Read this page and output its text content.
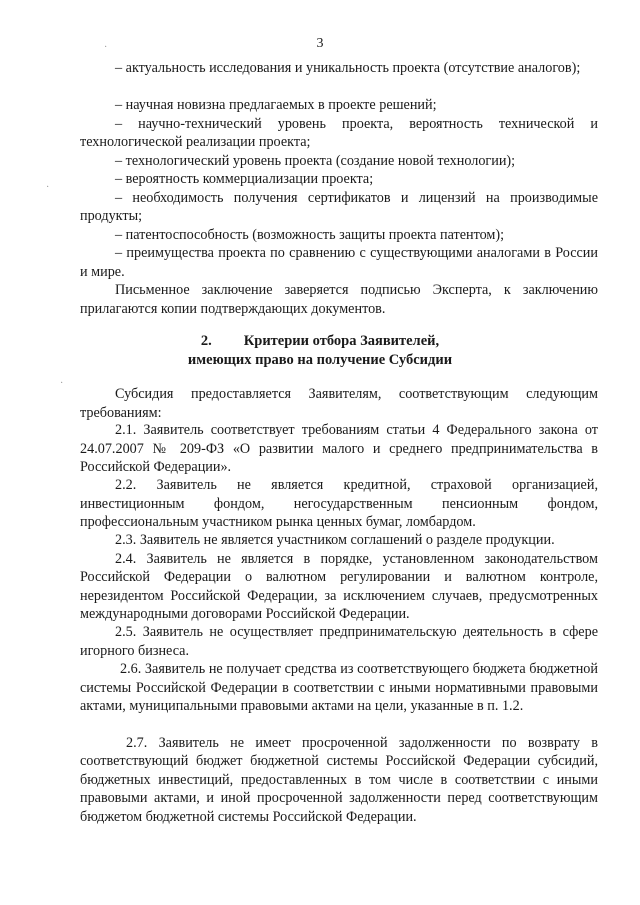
3
·
·
·
– актуальность исследования и уникальность проекта (отсутствие аналогов);
– научная новизна предлагаемых в проекте решений;
– научно-технический уровень проекта, вероятность технической и технологической реализации проекта;
– технологический уровень проекта (создание новой технологии);
– вероятность коммерциализации проекта;
– необходимость получения сертификатов и лицензий на производимые продукты;
– патентоспособность (возможность защиты проекта патентом);
– преимущества проекта по сравнению с существующими аналогами в России и мире.
Письменное заключение заверяется подписью Эксперта, к заключению прилагаются копии подтверждающих документов.
2. Критерии отбора Заявителей,
имеющих право на получение Субсидии
Субсидия предоставляется Заявителям, соответствующим следующим требованиям:
2.1. Заявитель соответствует требованиям статьи 4 Федерального закона от 24.07.2007 № 209-ФЗ «О развитии малого и среднего предпринимательства в Российской Федерации».
2.2. Заявитель не является кредитной, страховой организацией, инвестиционным фондом, негосударственным пенсионным фондом, профессиональным участником рынка ценных бумаг, ломбардом.
2.3. Заявитель не является участником соглашений о разделе продукции.
2.4. Заявитель не является в порядке, установленном законодательством Российской Федерации о валютном регулировании и валютном контроле, нерезидентом Российской Федерации, за исключением случаев, предусмотренных международными договорами Российской Федерации.
2.5. Заявитель не осуществляет предпринимательскую деятельность в сфере игорного бизнеса.
2.6. Заявитель не получает средства из соответствующего бюджета бюджетной системы Российской Федерации в соответствии с иными нормативными правовыми актами, муниципальными правовыми актами на цели, указанные в п. 1.2.
2.7. Заявитель не имеет просроченной задолженности по возврату в соответствующий бюджет бюджетной системы Российской Федерации субсидий, бюджетных инвестиций, предоставленных в том числе в соответствии с иными правовыми актами, и иной просроченной задолженности перед соответствующим бюджетом бюджетной системы Российской Федерации.
